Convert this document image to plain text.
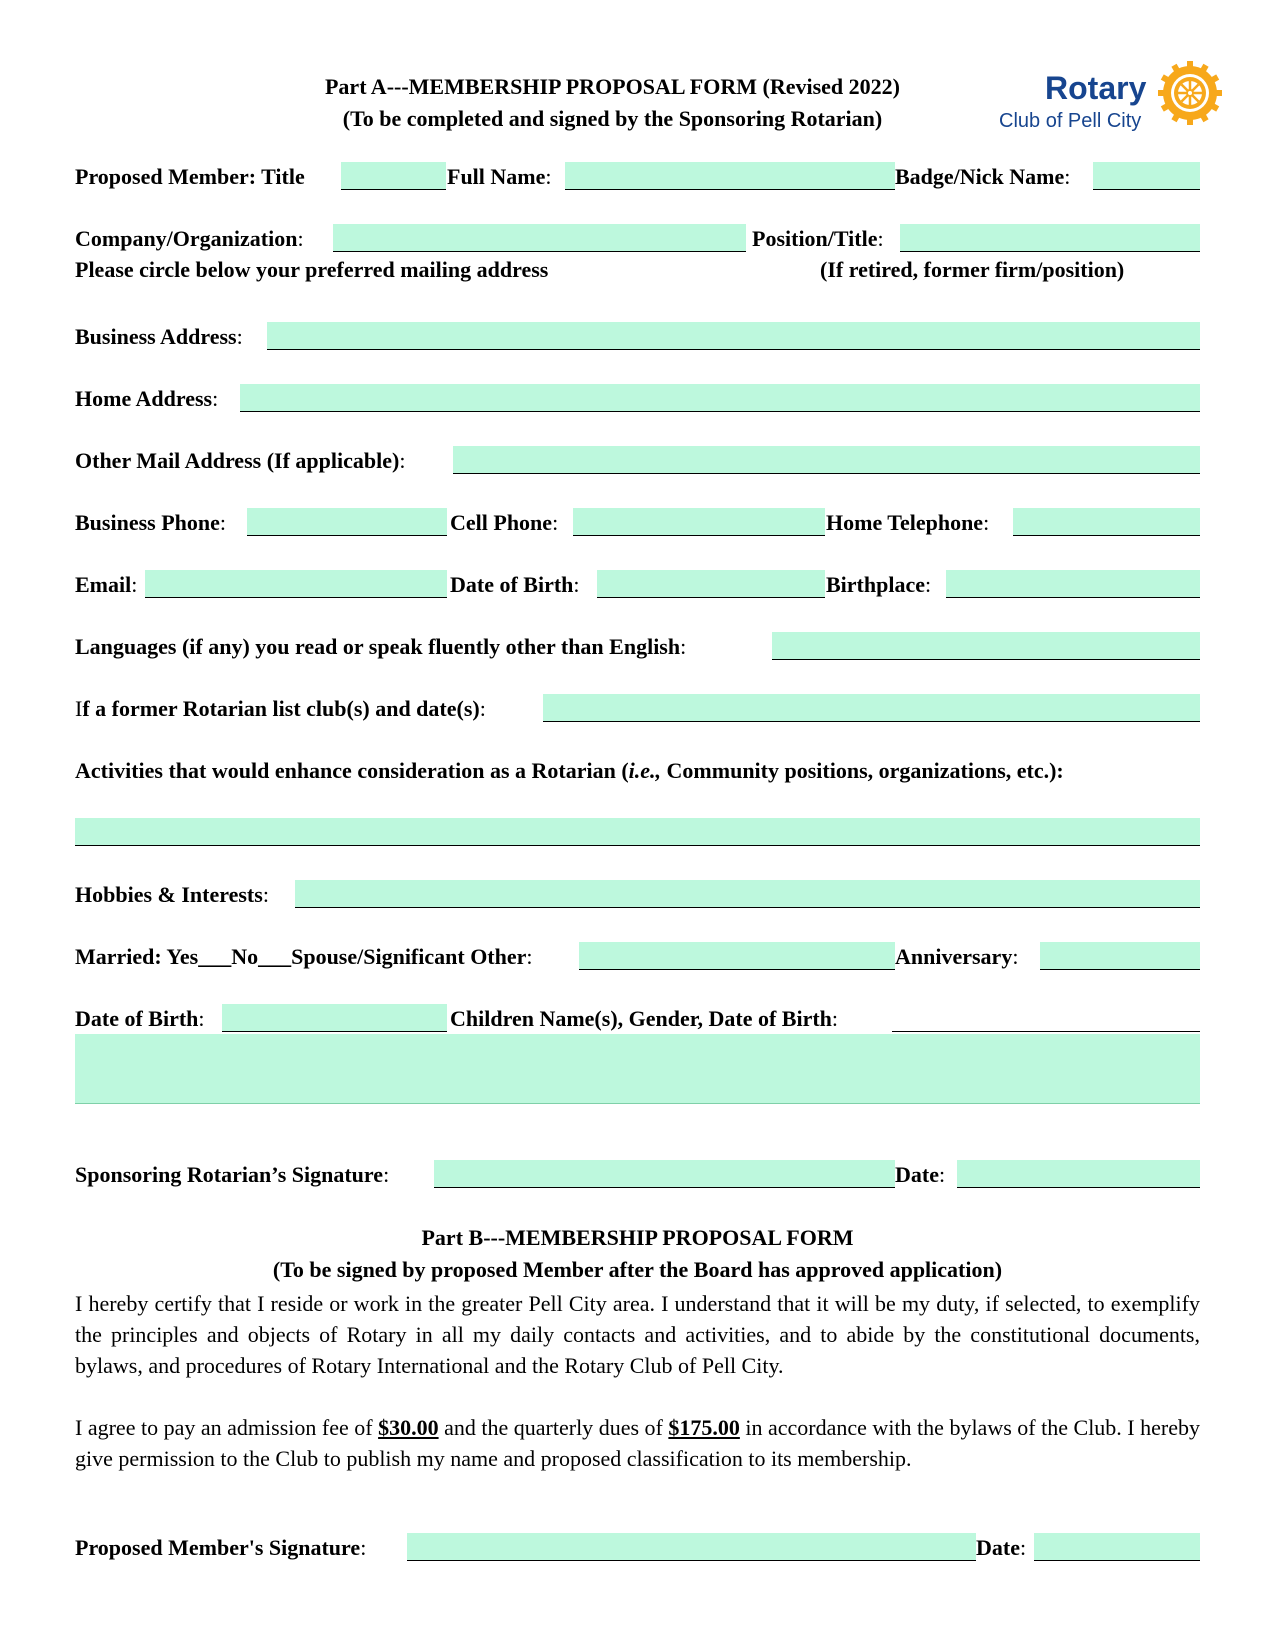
Part A---MEMBERSHIP PROPOSAL FORM (Revised 2022)
(To be completed and signed by the Sponsoring Rotarian)
Rotary
Club of Pell City
Proposed Member: Title	Full Name:	Badge/Nick Name:
Company/Organization:	Position/Title:
Please circle below your preferred mailing address	(If retired, former firm/position)
Business Address:
Home Address:
Other Mail Address (If applicable):
Business Phone:	Cell Phone:	Home Telephone:
Email:	Date of Birth:	Birthplace:
Languages (if any) you read or speak fluently other than English:
If a former Rotarian list club(s) and date(s):
Activities that would enhance consideration as a Rotarian (i.e., Community positions, organizations, etc.):
Hobbies & Interests:
Married: Yes___No___Spouse/Significant Other:	Anniversary:
Date of Birth:	Children Name(s), Gender, Date of Birth:
Sponsoring Rotarian’s Signature:	Date:
Part B---MEMBERSHIP PROPOSAL FORM
(To be signed by proposed Member after the Board has approved application)
I hereby certify that I reside or work in the greater Pell City area. I understand that it will be my duty, if selected, to exemplify the principles and objects of Rotary in all my daily contacts and activities, and to abide by the constitutional documents, bylaws, and procedures of Rotary International and the Rotary Club of Pell City.
I agree to pay an admission fee of $30.00 and the quarterly dues of $175.00 in accordance with the bylaws of the Club. I hereby give permission to the Club to publish my name and proposed classification to its membership.
Proposed Member's Signature:	Date:
